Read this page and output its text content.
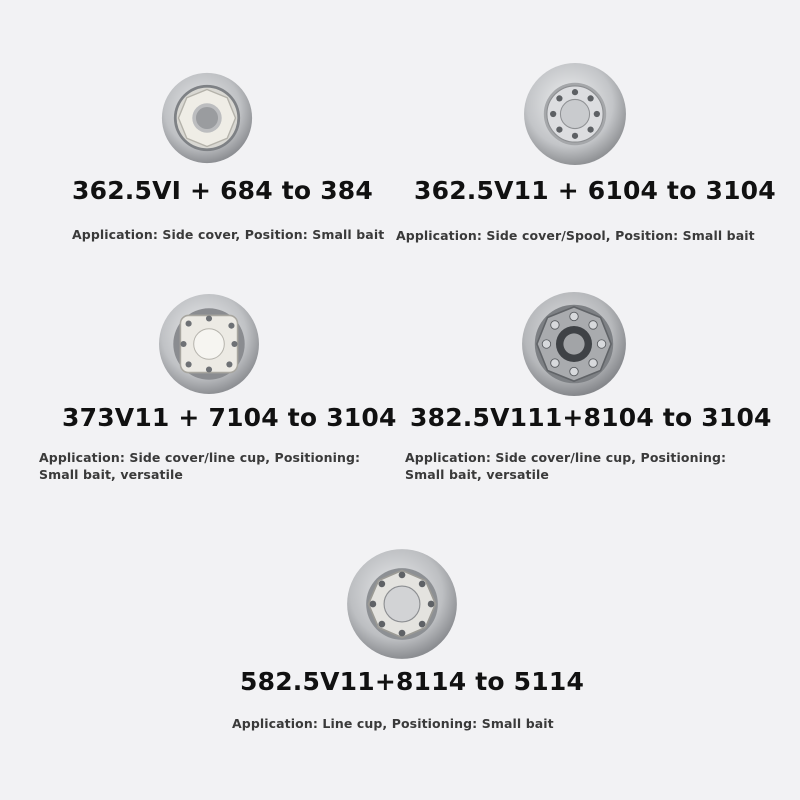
362.5VI + 684 to 384
Application: Side cover, Position: Small bait
362.5V11 + 6104 to 3104
Application: Side cover/Spool, Position: Small bait
373V11 + 7104 to 3104
Application: Side cover/line cup, Positioning: Small bait, versatile
382.5V111+8104 to 3104
Application: Side cover/line cup, Positioning: Small bait, versatile
582.5V11+8114 to 5114
Application: Line cup, Positioning: Small bait
